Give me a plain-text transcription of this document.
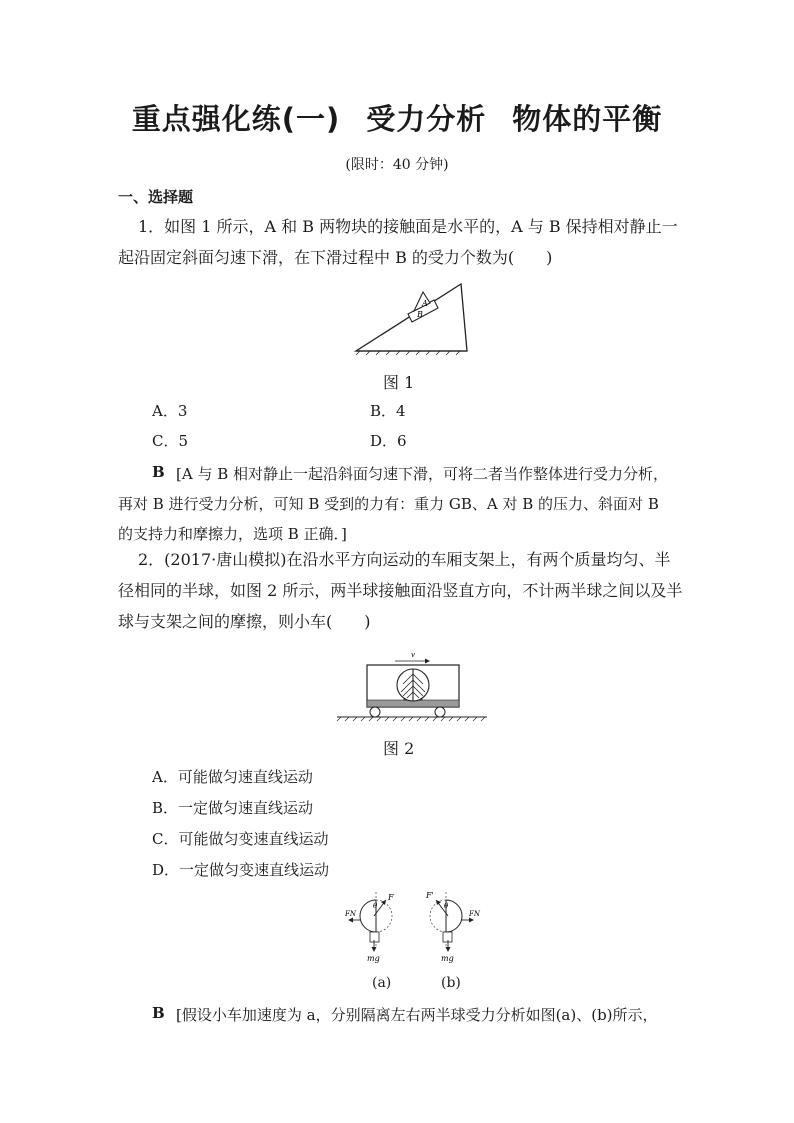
重点强化练(一) 受力分析 物体的平衡
(限时：40 分钟)
一、选择题
1．如图 1 所示，A 和 B 两物块的接触面是水平的，A 与 B 保持相对静止一
起沿固定斜面匀速下滑，在下滑过程中 B 的受力个数为(　　)
A
B
图 1
A．3	B．4
C．5	D．6
B [A 与 B 相对静止一起沿斜面匀速下滑，可将二者当作整体进行受力分析，
再对 B 进行受力分析，可知 B 受到的力有：重力 GB、A 对 B 的压力、斜面对 B
的支持力和摩擦力，选项 B 正确．]
2．(2017·唐山模拟)在沿水平方向运动的车厢支架上，有两个质量均匀、半
径相同的半球，如图 2 所示，两半球接触面沿竖直方向，不计两半球之间以及半
球与支架之间的摩擦，则小车(　　)
v
图 2
A．可能做匀速直线运动
B．一定做匀速直线运动
C．可能做匀变速直线运动
D．一定做匀变速直线运动
F
θ
FN
mg
F'
θ
FN
mg
(a)	(b)
B [假设小车加速度为 a，分别隔离左右两半球受力分析如图(a)、(b)所示，
